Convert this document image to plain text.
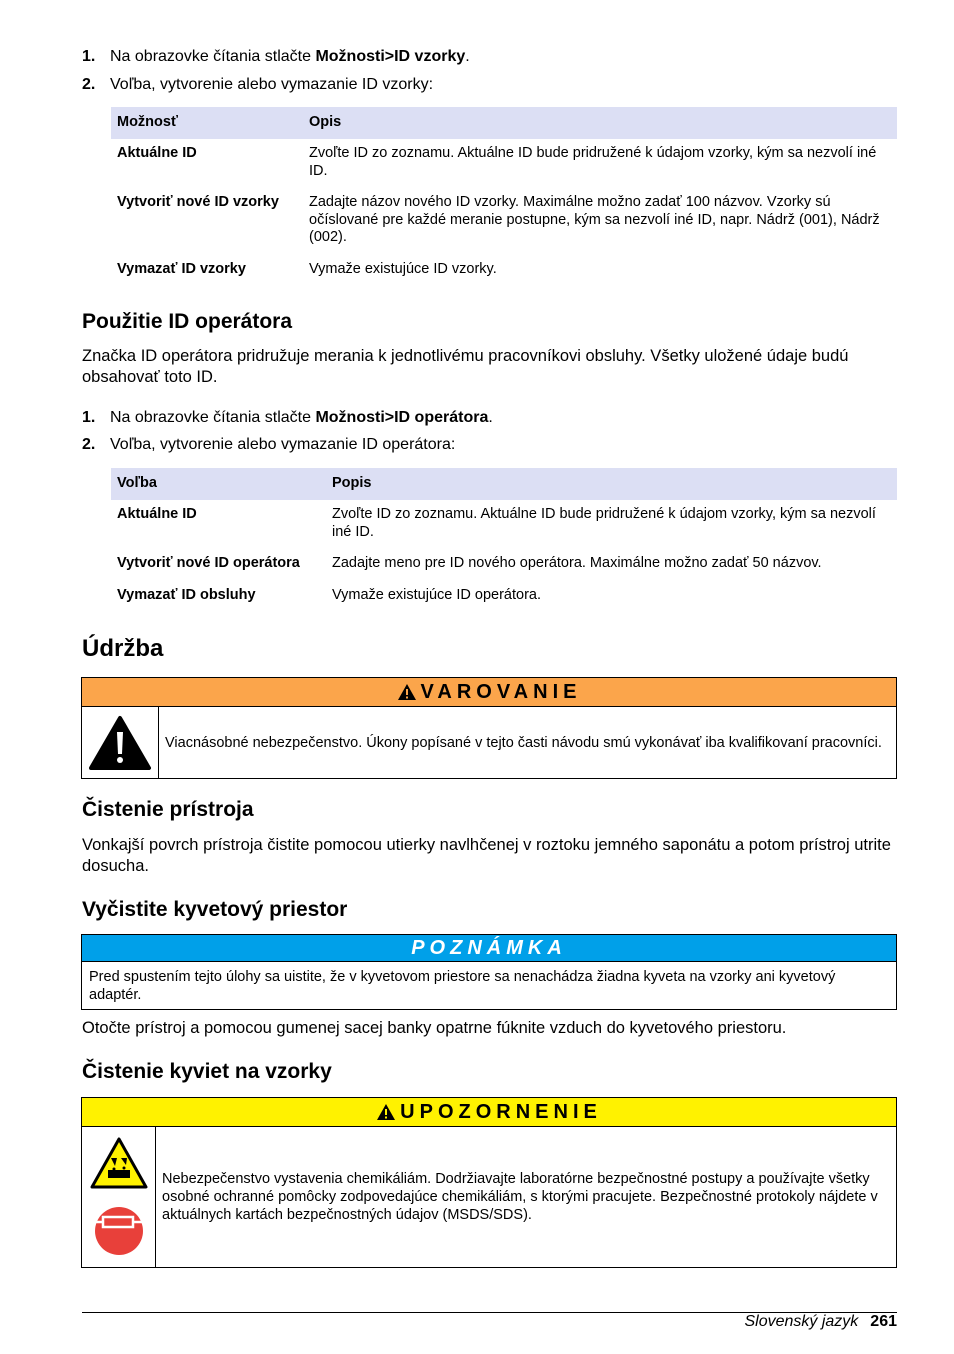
1. Na obrazovke čítania stlačte Možnosti>ID vzorky.
2. Voľba, vytvorenie alebo vymazanie ID vzorky:
Možnosť	Opis
Aktuálne ID	Zvoľte ID zo zoznamu. Aktuálne ID bude pridružené k údajom vzorky, kým sa nezvolí iné ID.
Vytvoriť nové ID vzorky	Zadajte názov nového ID vzorky. Maximálne možno zadať 100 názvov. Vzorky sú očíslované pre každé meranie postupne, kým sa nezvolí iné ID, napr. Nádrž (001), Nádrž (002).
Vymazať ID vzorky	Vymaže existujúce ID vzorky.
Použitie ID operátora

Značka ID operátora pridružuje merania k jednotlivému pracovníkovi obsluhy. Všetky uložené údaje budú obsahovať toto ID.

1. Na obrazovke čítania stlačte Možnosti>ID operátora.
2. Voľba, vytvorenie alebo vymazanie ID operátora:
Voľba	Popis
Aktuálne ID	Zvoľte ID zo zoznamu. Aktuálne ID bude pridružené k údajom vzorky, kým sa nezvolí iné ID.
Vytvoriť nové ID operátora	Zadajte meno pre ID nového operátora. Maximálne možno zadať 50 názvov.
Vymazať ID obsluhy	Vymaže existujúce ID operátora.
Údržba
VAROVANIE
Viacnásobné nebezpečenstvo. Úkony popísané v tejto časti návodu smú vykonávať iba kvalifikovaní pracovníci.
Čistenie prístroja

Vonkajší povrch prístroja čistite pomocou utierky navlhčenej v roztoku jemného saponátu a potom prístroj utrite dosucha.

Vyčistite kyvetový priestor
POZNÁMKA
Pred spustením tejto úlohy sa uistite, že v kyvetovom priestore sa nenachádza žiadna kyveta na vzorky ani kyvetový adaptér.

Otočte prístroj a pomocou gumenej sacej banky opatrne fúknite vzduch do kyvetového priestoru.

Čistenie kyviet na vzorky
UPOZORNENIE
Nebezpečenstvo vystavenia chemikáliám. Dodržiavajte laboratórne bezpečnostné postupy a používajte všetky osobné ochranné pomôcky zodpovedajúce chemikáliám, s ktorými pracujete. Bezpečnostné protokoly nájdete v aktuálnych kartách bezpečnostných údajov (MSDS/SDS).
Slovenský jazyk 261
